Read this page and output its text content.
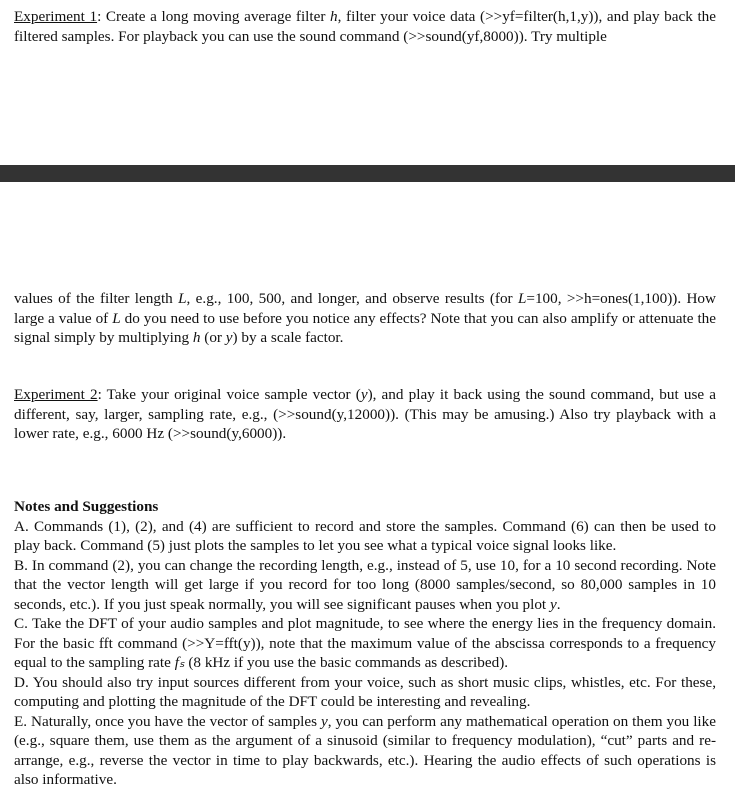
Experiment 1: Create a long moving average filter h, filter your voice data (>>yf=filter(h,1,y)), and play back the filtered samples. For playback you can use the sound command (>>sound(yf,8000)). Try multiple

values of the filter length L, e.g., 100, 500, and longer, and observe results (for L=100, >>h=ones(1,100)). How large a value of L do you need to use before you notice any effects? Note that you can also amplify or attenuate the signal simply by multiplying h (or y) by a scale factor.

Experiment 2: Take your original voice sample vector (y), and play it back using the sound command, but use a different, say, larger, sampling rate, e.g., (>>sound(y,12000)). (This may be amusing.) Also try playback with a lower rate, e.g., 6000 Hz (>>sound(y,6000)).

Notes and Suggestions

A. Commands (1), (2), and (4) are sufficient to record and store the samples. Command (6) can then be used to play back. Command (5) just plots the samples to let you see what a typical voice signal looks like.

B. In command (2), you can change the recording length, e.g., instead of 5, use 10, for a 10 second recording. Note that the vector length will get large if you record for too long (8000 samples/second, so 80,000 samples in 10 seconds, etc.). If you just speak normally, you will see significant pauses when you plot y.

C. Take the DFT of your audio samples and plot magnitude, to see where the energy lies in the frequency domain. For the basic fft command (>>Y=fft(y)), note that the maximum value of the abscissa corresponds to a frequency equal to the sampling rate fₛ (8 kHz if you use the basic commands as described).

D. You should also try input sources different from your voice, such as short music clips, whistles, etc. For these, computing and plotting the magnitude of the DFT could be interesting and revealing.

E. Naturally, once you have the vector of samples y, you can perform any mathematical operation on them you like (e.g., square them, use them as the argument of a sinusoid (similar to frequency modulation), “cut” parts and re-arrange, e.g., reverse the vector in time to play backwards, etc.). Hearing the audio effects of such operations is also informative.
